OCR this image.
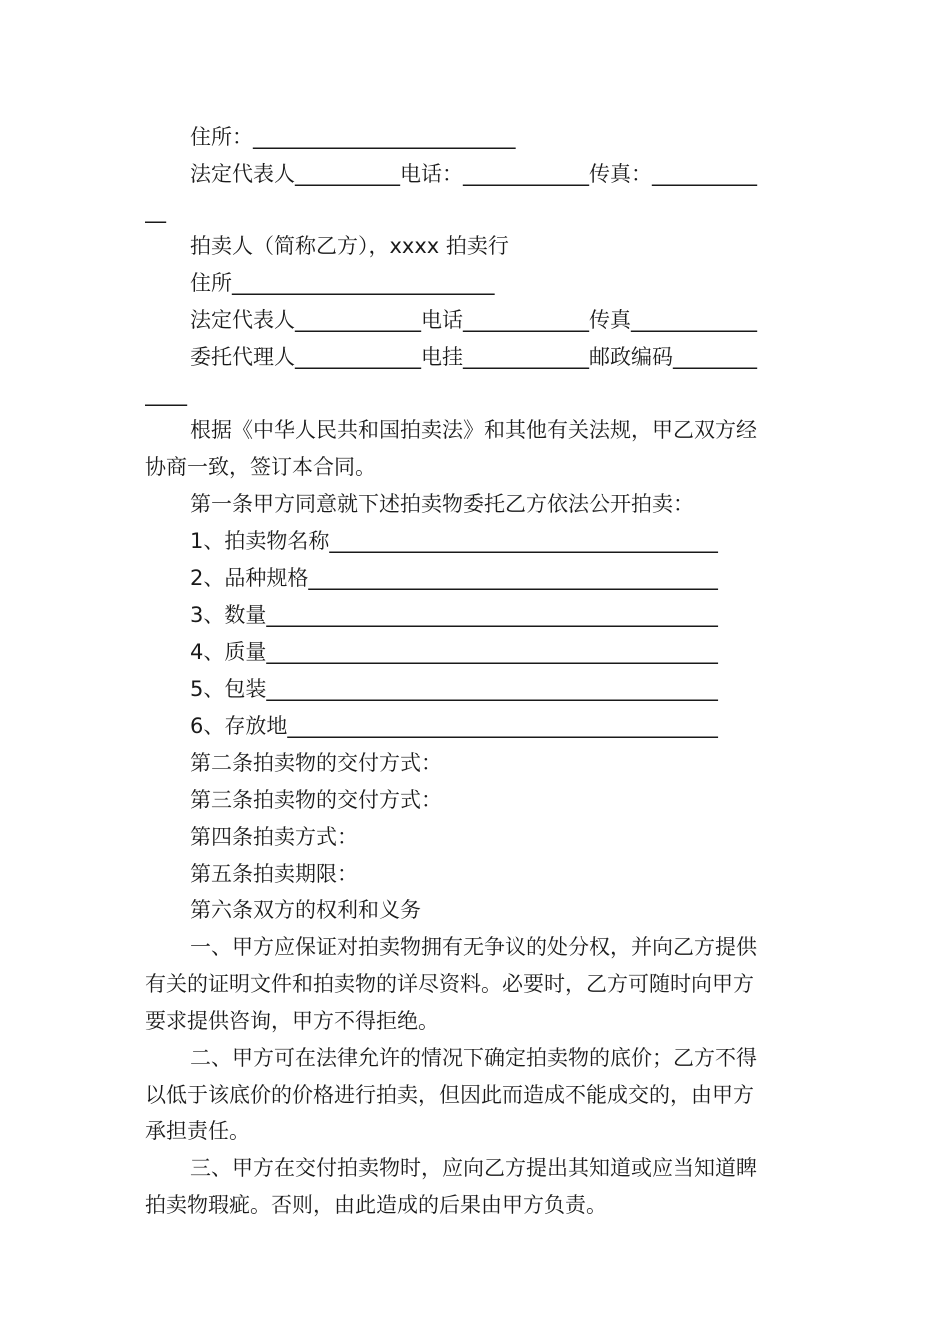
住所：_________________________
法定代表人__________电话：____________传真：__________
__
拍卖人（简称乙方），xxxx 拍卖行
住所_________________________
法定代表人____________电话____________传真____________
委托代理人____________电挂____________邮政编码________
____
根据《中华人民共和国拍卖法》和其他有关法规，甲乙双方经
协商一致，签订本合同。
第一条甲方同意就下述拍卖物委托乙方依法公开拍卖：
1、拍卖物名称_____________________________________
2、品种规格_______________________________________
3、数量___________________________________________
4、质量___________________________________________
5、包装___________________________________________
6、存放地_________________________________________
第二条拍卖物的交付方式：
第三条拍卖物的交付方式：
第四条拍卖方式：
第五条拍卖期限：
第六条双方的权利和义务
一、甲方应保证对拍卖物拥有无争议的处分权，并向乙方提供
有关的证明文件和拍卖物的详尽资料。必要时，乙方可随时向甲方
要求提供咨询，甲方不得拒绝。
二、甲方可在法律允许的情况下确定拍卖物的底价；乙方不得
以低于该底价的价格进行拍卖，但因此而造成不能成交的，由甲方
承担责任。
三、甲方在交付拍卖物时，应向乙方提出其知道或应当知道睥
拍卖物瑕疵。否则，由此造成的后果由甲方负责。
